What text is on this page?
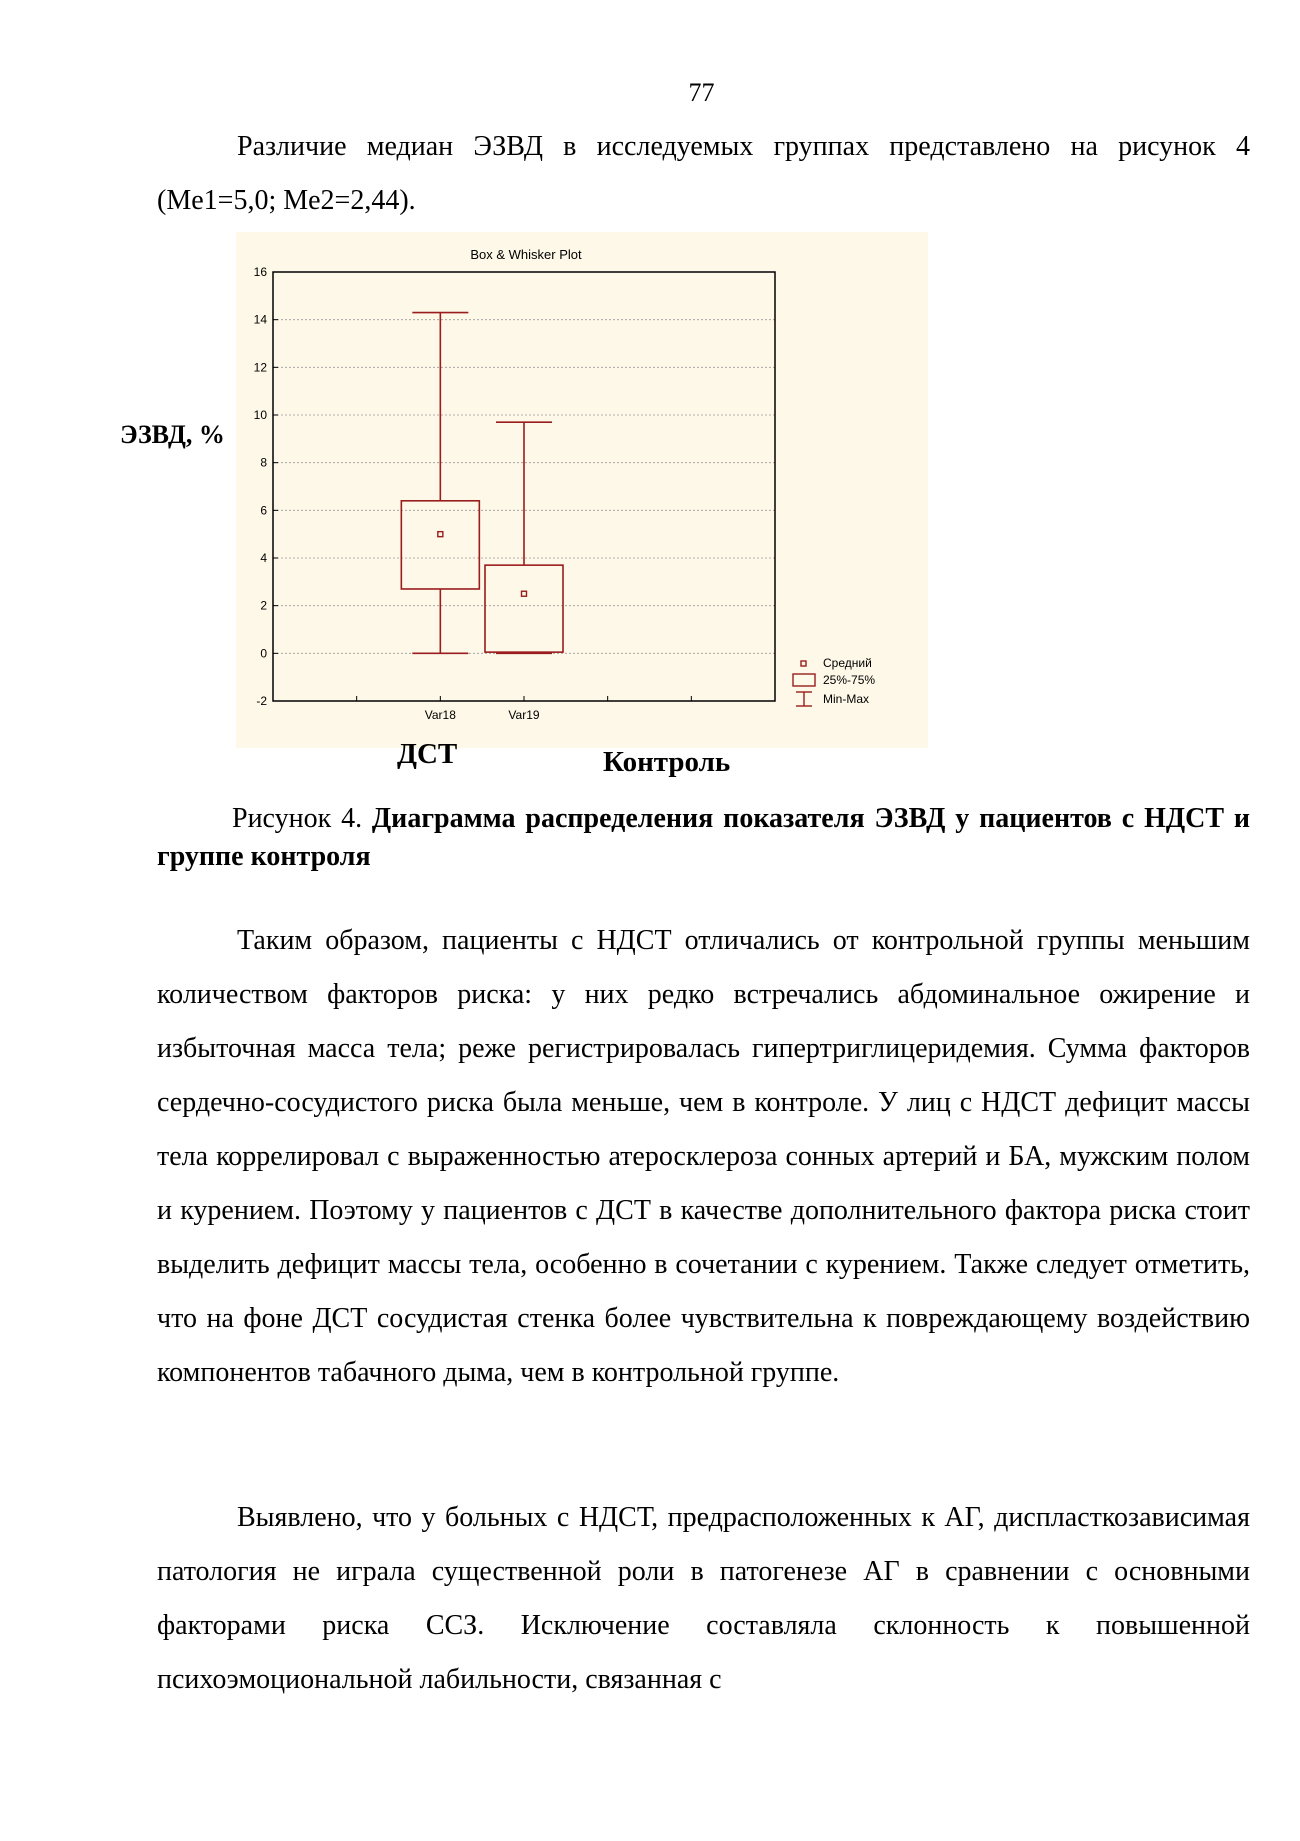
77

Различие медиан ЭЗВД в исследуемых группах представлено на рисунок 4 (Me1=5,0; Me2=2,44).

ЭЗВД, %
Box & Whisker Plot
-2
0
2
4
6
8
10
12
14
16
Var18	Var19
Средний
25%-75%
Min-Max
ДСТ	Контроль

Рисунок 4. Диаграмма распределения показателя ЭЗВД у пациентов с НДСТ и группе контроля

Таким образом, пациенты с НДСТ отличались от контрольной группы меньшим количеством факторов риска: у них редко встречались абдоминальное ожирение и избыточная масса тела; реже регистрировалась гипертриглицеридемия. Сумма факторов сердечно-сосудистого риска была меньше, чем в контроле. У лиц с НДСТ дефицит массы тела коррелировал с выраженностью атеросклероза сонных артерий и БА, мужским полом и курением. Поэтому у пациентов с ДСТ в качестве дополнительного фактора риска стоит выделить дефицит массы тела, особенно в сочетании с курением. Также следует отметить, что на фоне ДСТ сосудистая стенка более чувствительна к повреждающему воздействию компонентов табачного дыма, чем в контрольной группе.

Выявлено, что у больных с НДСТ, предрасположенных к АГ, диспласткозависимая патология не играла существенной роли в патогенезе АГ в сравнении с основными факторами риска ССЗ. Исключение составляла склонность к повышенной психоэмоциональной лабильности, связанная с
